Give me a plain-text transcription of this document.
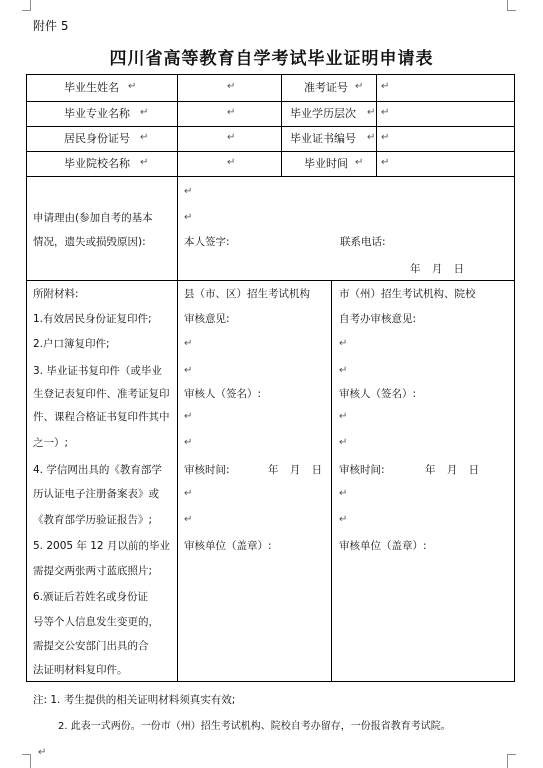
附件 5
四川省高等教育自学考试毕业证明申请表
毕业生姓名 ↵	↵	准考证号 ↵ ↵
毕业专业名称 ↵	↵	毕业学历层次 ↵ ↵
居民身份证号 ↵	↵	毕业证书编号 ↵ ↵
毕业院校名称 ↵	↵	毕业时间 ↵ ↵
申请理由(参加自考的基本
情况，遗失或损毁原因):
↵
↵
本人签字:	联系电话:
年 月 日
所附材料:
1.有效居民身份证复印件;
2.户口簿复印件;
3. 毕业证书复印件（或毕业
生登记表复印件、准考证复印
件、课程合格证书复印件其中
之一）;
4. 学信网出具的《教育部学
历认证电子注册备案表》或
《教育部学历验证报告》;
5. 2005 年 12 月以前的毕业
需提交两张两寸蓝底照片;
6.颁证后若姓名或身份证
号等个人信息发生变更的，
需提交公安部门出具的合
法证明材料复印件。
县（市、区）招生考试机构
审核意见:
↵
↵
审核人（签名）:
↵
↵
审核时间:	年 月 日
↵
↵
审核单位（盖章）:
市（州）招生考试机构、院校
自考办审核意见:
↵
↵
审核人（签名）:
↵
↵
审核时间:	年 月 日
↵
↵
审核单位（盖章）:
注: 1. 考生提供的相关证明材料须真实有效;
2. 此表一式两份。一份市（州）招生考试机构、院校自考办留存，一份报省教育考试院。
↵
